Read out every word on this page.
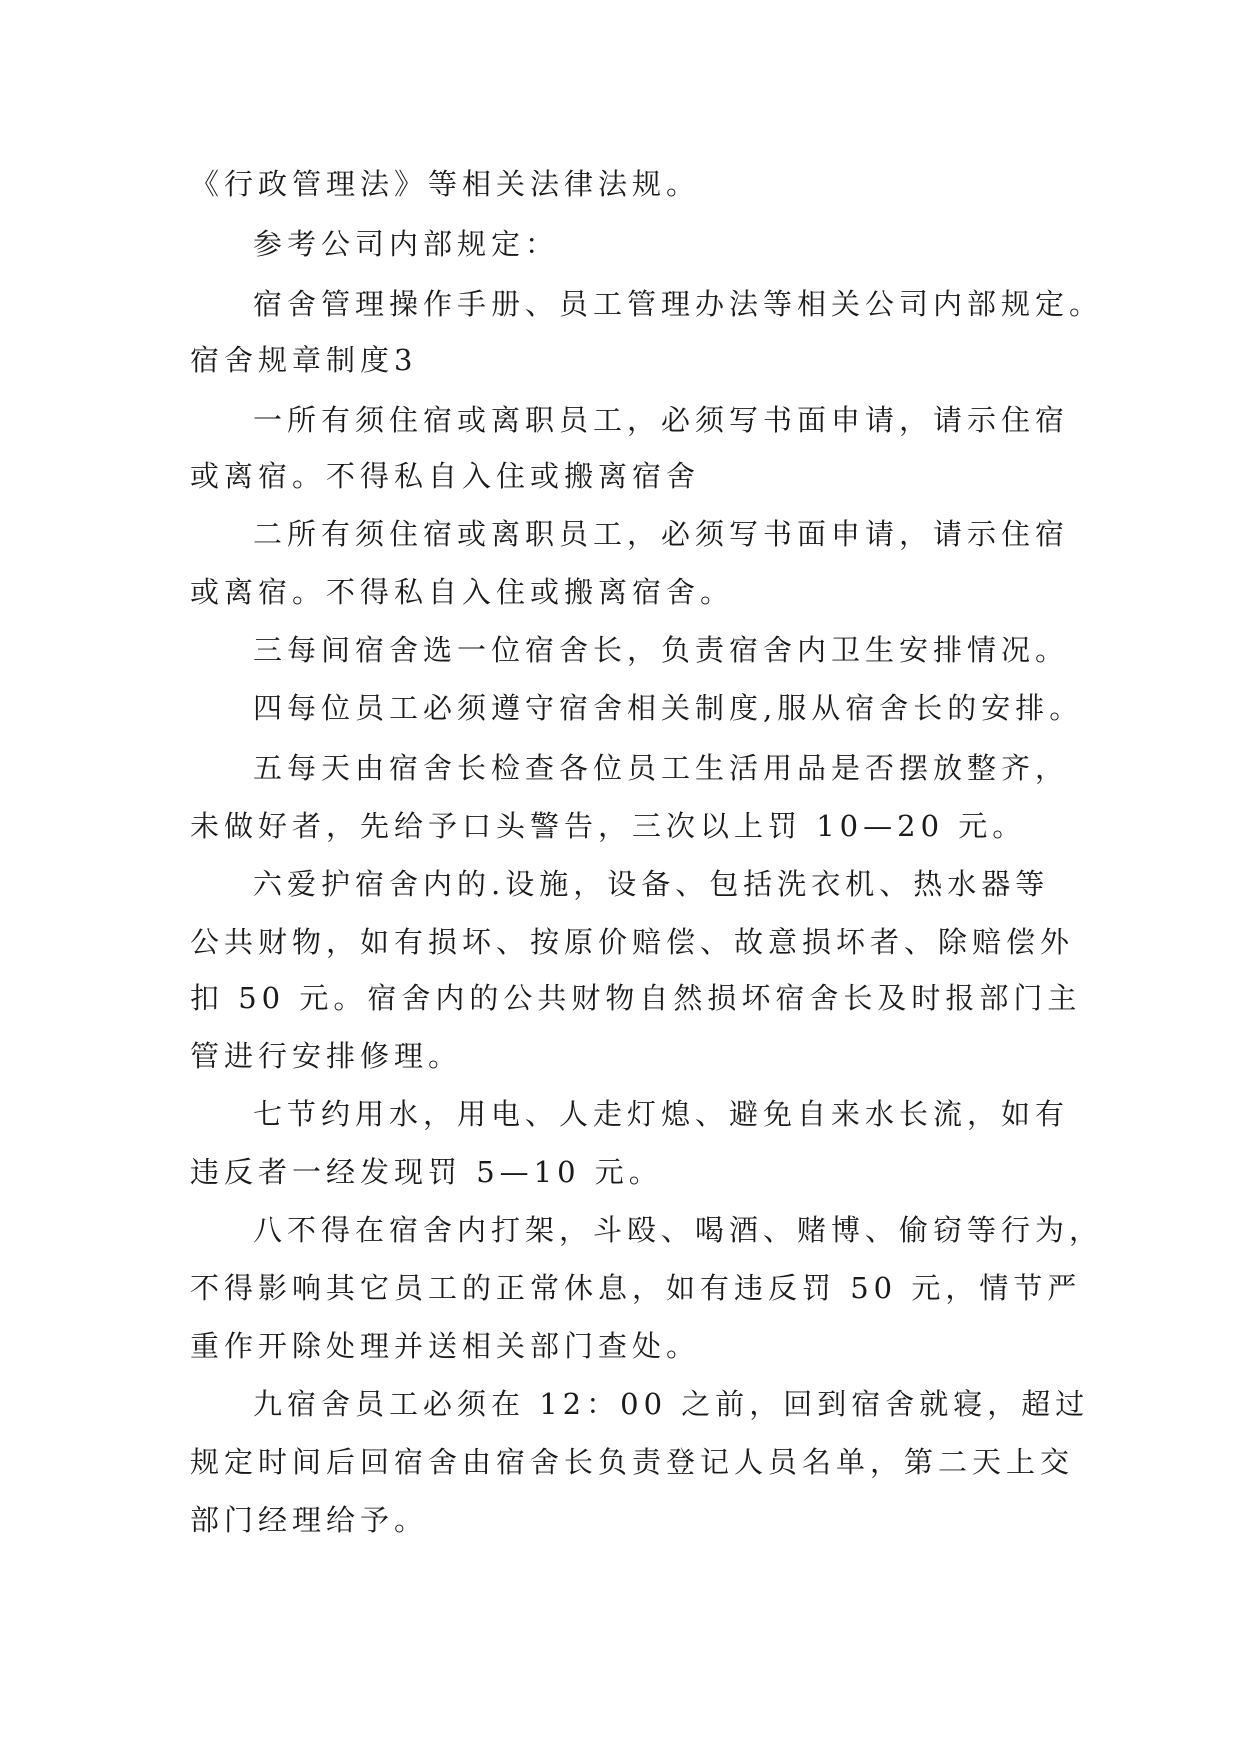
《行政管理法》等相关法律法规。
参考公司内部规定：
宿舍管理操作手册、员工管理办法等相关公司内部规定。
宿舍规章制度3
一所有须住宿或离职员工，必须写书面申请，请示住宿
或离宿。不得私自入住或搬离宿舍
二所有须住宿或离职员工，必须写书面申请，请示住宿
或离宿。不得私自入住或搬离宿舍。
三每间宿舍选一位宿舍长，负责宿舍内卫生安排情况。
四每位员工必须遵守宿舍相关制度,服从宿舍长的安排。
五每天由宿舍长检查各位员工生活用品是否摆放整齐，
未做好者，先给予口头警告，三次以上罚 10—20 元。
六爱护宿舍内的.设施，设备、包括洗衣机、热水器等
公共财物，如有损坏、按原价赔偿、故意损坏者、除赔偿外
扣 50 元。宿舍内的公共财物自然损坏宿舍长及时报部门主
管进行安排修理。
七节约用水，用电、人走灯熄、避免自来水长流，如有
违反者一经发现罚 5—10 元。
八不得在宿舍内打架，斗殴、喝酒、赌博、偷窃等行为，
不得影响其它员工的正常休息，如有违反罚 50 元，情节严
重作开除处理并送相关部门查处。
九宿舍员工必须在 12：00 之前，回到宿舍就寝，超过
规定时间后回宿舍由宿舍长负责登记人员名单，第二天上交
部门经理给予。
